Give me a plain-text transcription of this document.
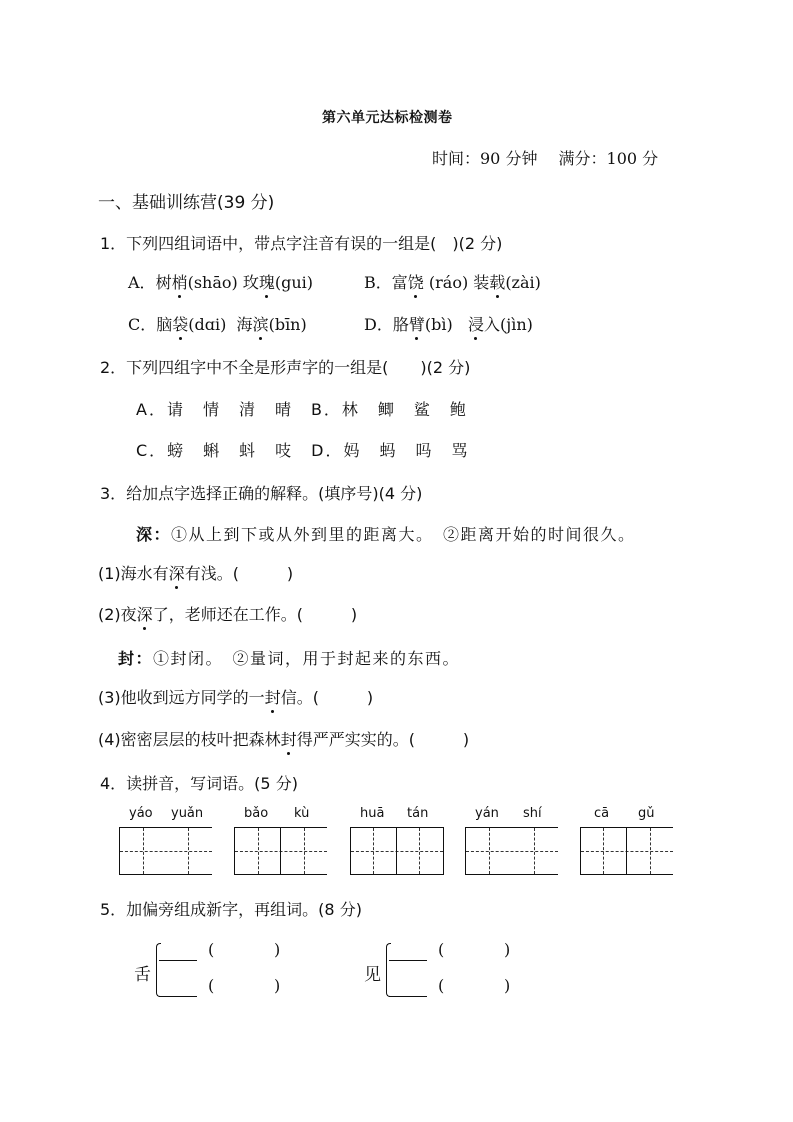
第六单元达标检测卷
时间：90 分钟 满分：100 分
一、基础训练营(39 分)
1．下列四组词语中，带点字注音有误的一组是(　)(2 分)
A．树梢(shāo) 玫瑰(gui)	B．富饶 (ráo) 装载(zài)
C．脑袋(dɑi) 海滨(bīn)	D．胳臂(bì) 浸入(jìn)
2．下列四组字中不全是形声字的一组是(　　)(2 分)
A．请　情　清　晴　B．林　鲫　鲨　鲍
C．螃　蝌　蚪　吱　D．妈　蚂　吗　骂
3．给加点字选择正确的解释。(填序号)(4 分)
深：①从上到下或从外到里的距离大。　②距离开始的时间很久。
(1)海水有深有浅。(　　　)
(2)夜深了，老师还在工作。(　　　)
封：①封闭。　②量词，用于封起来的东西。
(3)他收到远方同学的一封信。(　　　)
(4)密密层层的枝叶把森林封得严严实实的。(　　　)
4．读拼音，写词语。(5 分)
yáo yuǎn	bǎo kù	huā tán	yán shí	cā gǔ
5．加偏旁组成新字，再组词。(8 分)
舌
(	)
(	)
见
(	)
(	)
